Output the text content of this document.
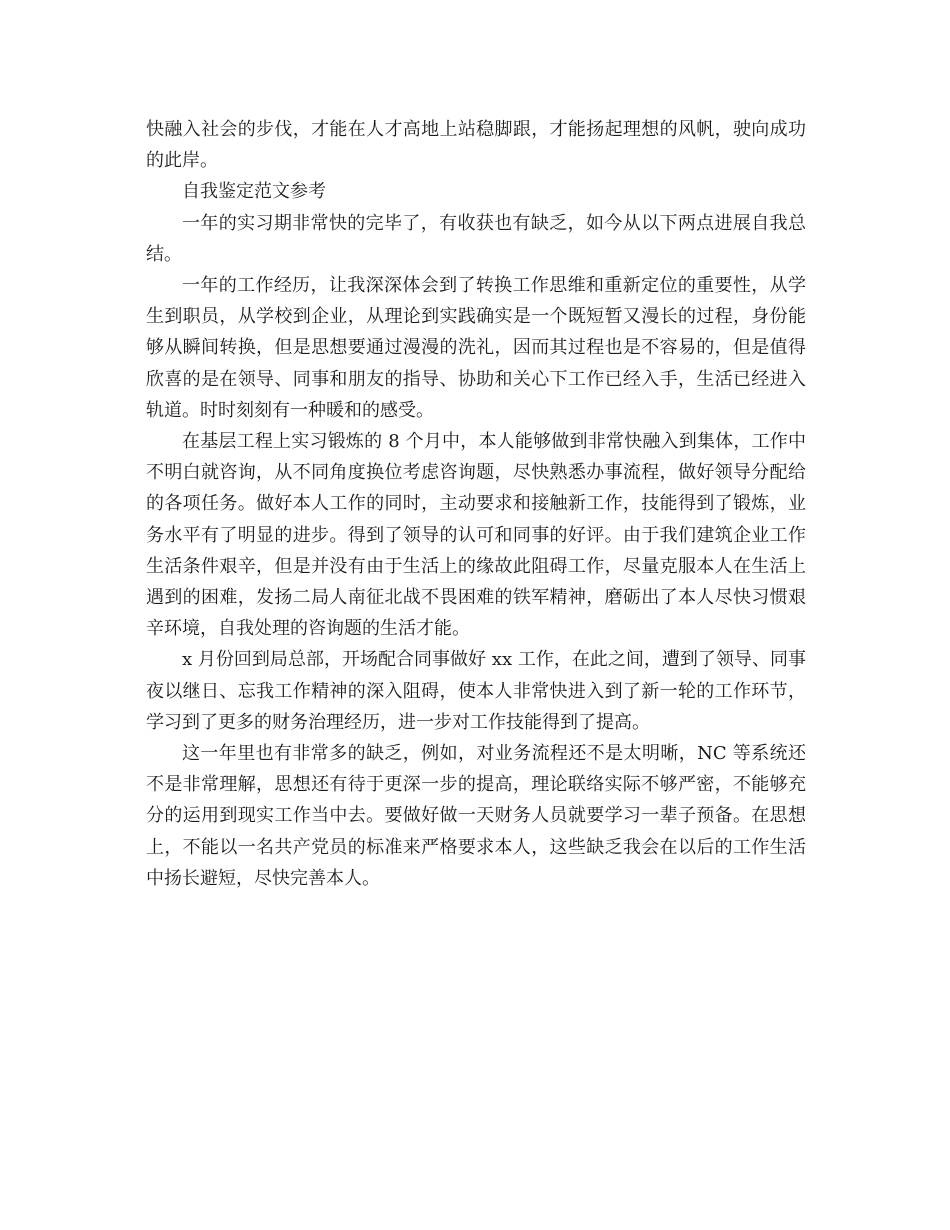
快融入社会的步伐，才能在人才高地上站稳脚跟，才能扬起理想的风帆，驶向成功的此岸。

自我鉴定范文参考

一年的实习期非常快的完毕了，有收获也有缺乏，如今从以下两点进展自我总结。

一年的工作经历，让我深深体会到了转换工作思维和重新定位的重要性，从学生到职员，从学校到企业，从理论到实践确实是一个既短暂又漫长的过程，身份能够从瞬间转换，但是思想要通过漫漫的洗礼，因而其过程也是不容易的，但是值得欣喜的是在领导、同事和朋友的指导、协助和关心下工作已经入手，生活已经进入轨道。时时刻刻有一种暖和的感受。

在基层工程上实习锻炼的 8 个月中，本人能够做到非常快融入到集体，工作中不明白就咨询，从不同角度换位考虑咨询题，尽快熟悉办事流程，做好领导分配给的各项任务。做好本人工作的同时，主动要求和接触新工作，技能得到了锻炼，业务水平有了明显的进步。得到了领导的认可和同事的好评。由于我们建筑企业工作生活条件艰辛，但是并没有由于生活上的缘故此阻碍工作，尽量克服本人在生活上遇到的困难，发扬二局人南征北战不畏困难的铁军精神，磨砺出了本人尽快习惯艰辛环境，自我处理的咨询题的生活才能。

x 月份回到局总部，开场配合同事做好 xx 工作，在此之间，遭到了领导、同事夜以继日、忘我工作精神的深入阻碍，使本人非常快进入到了新一轮的工作环节，学习到了更多的财务治理经历，进一步对工作技能得到了提高。

这一年里也有非常多的缺乏，例如，对业务流程还不是太明晰，NC 等系统还不是非常理解，思想还有待于更深一步的提高，理论联络实际不够严密，不能够充分的运用到现实工作当中去。要做好做一天财务人员就要学习一辈子预备。在思想上，不能以一名共产党员的标准来严格要求本人，这些缺乏我会在以后的工作生活中扬长避短，尽快完善本人。
